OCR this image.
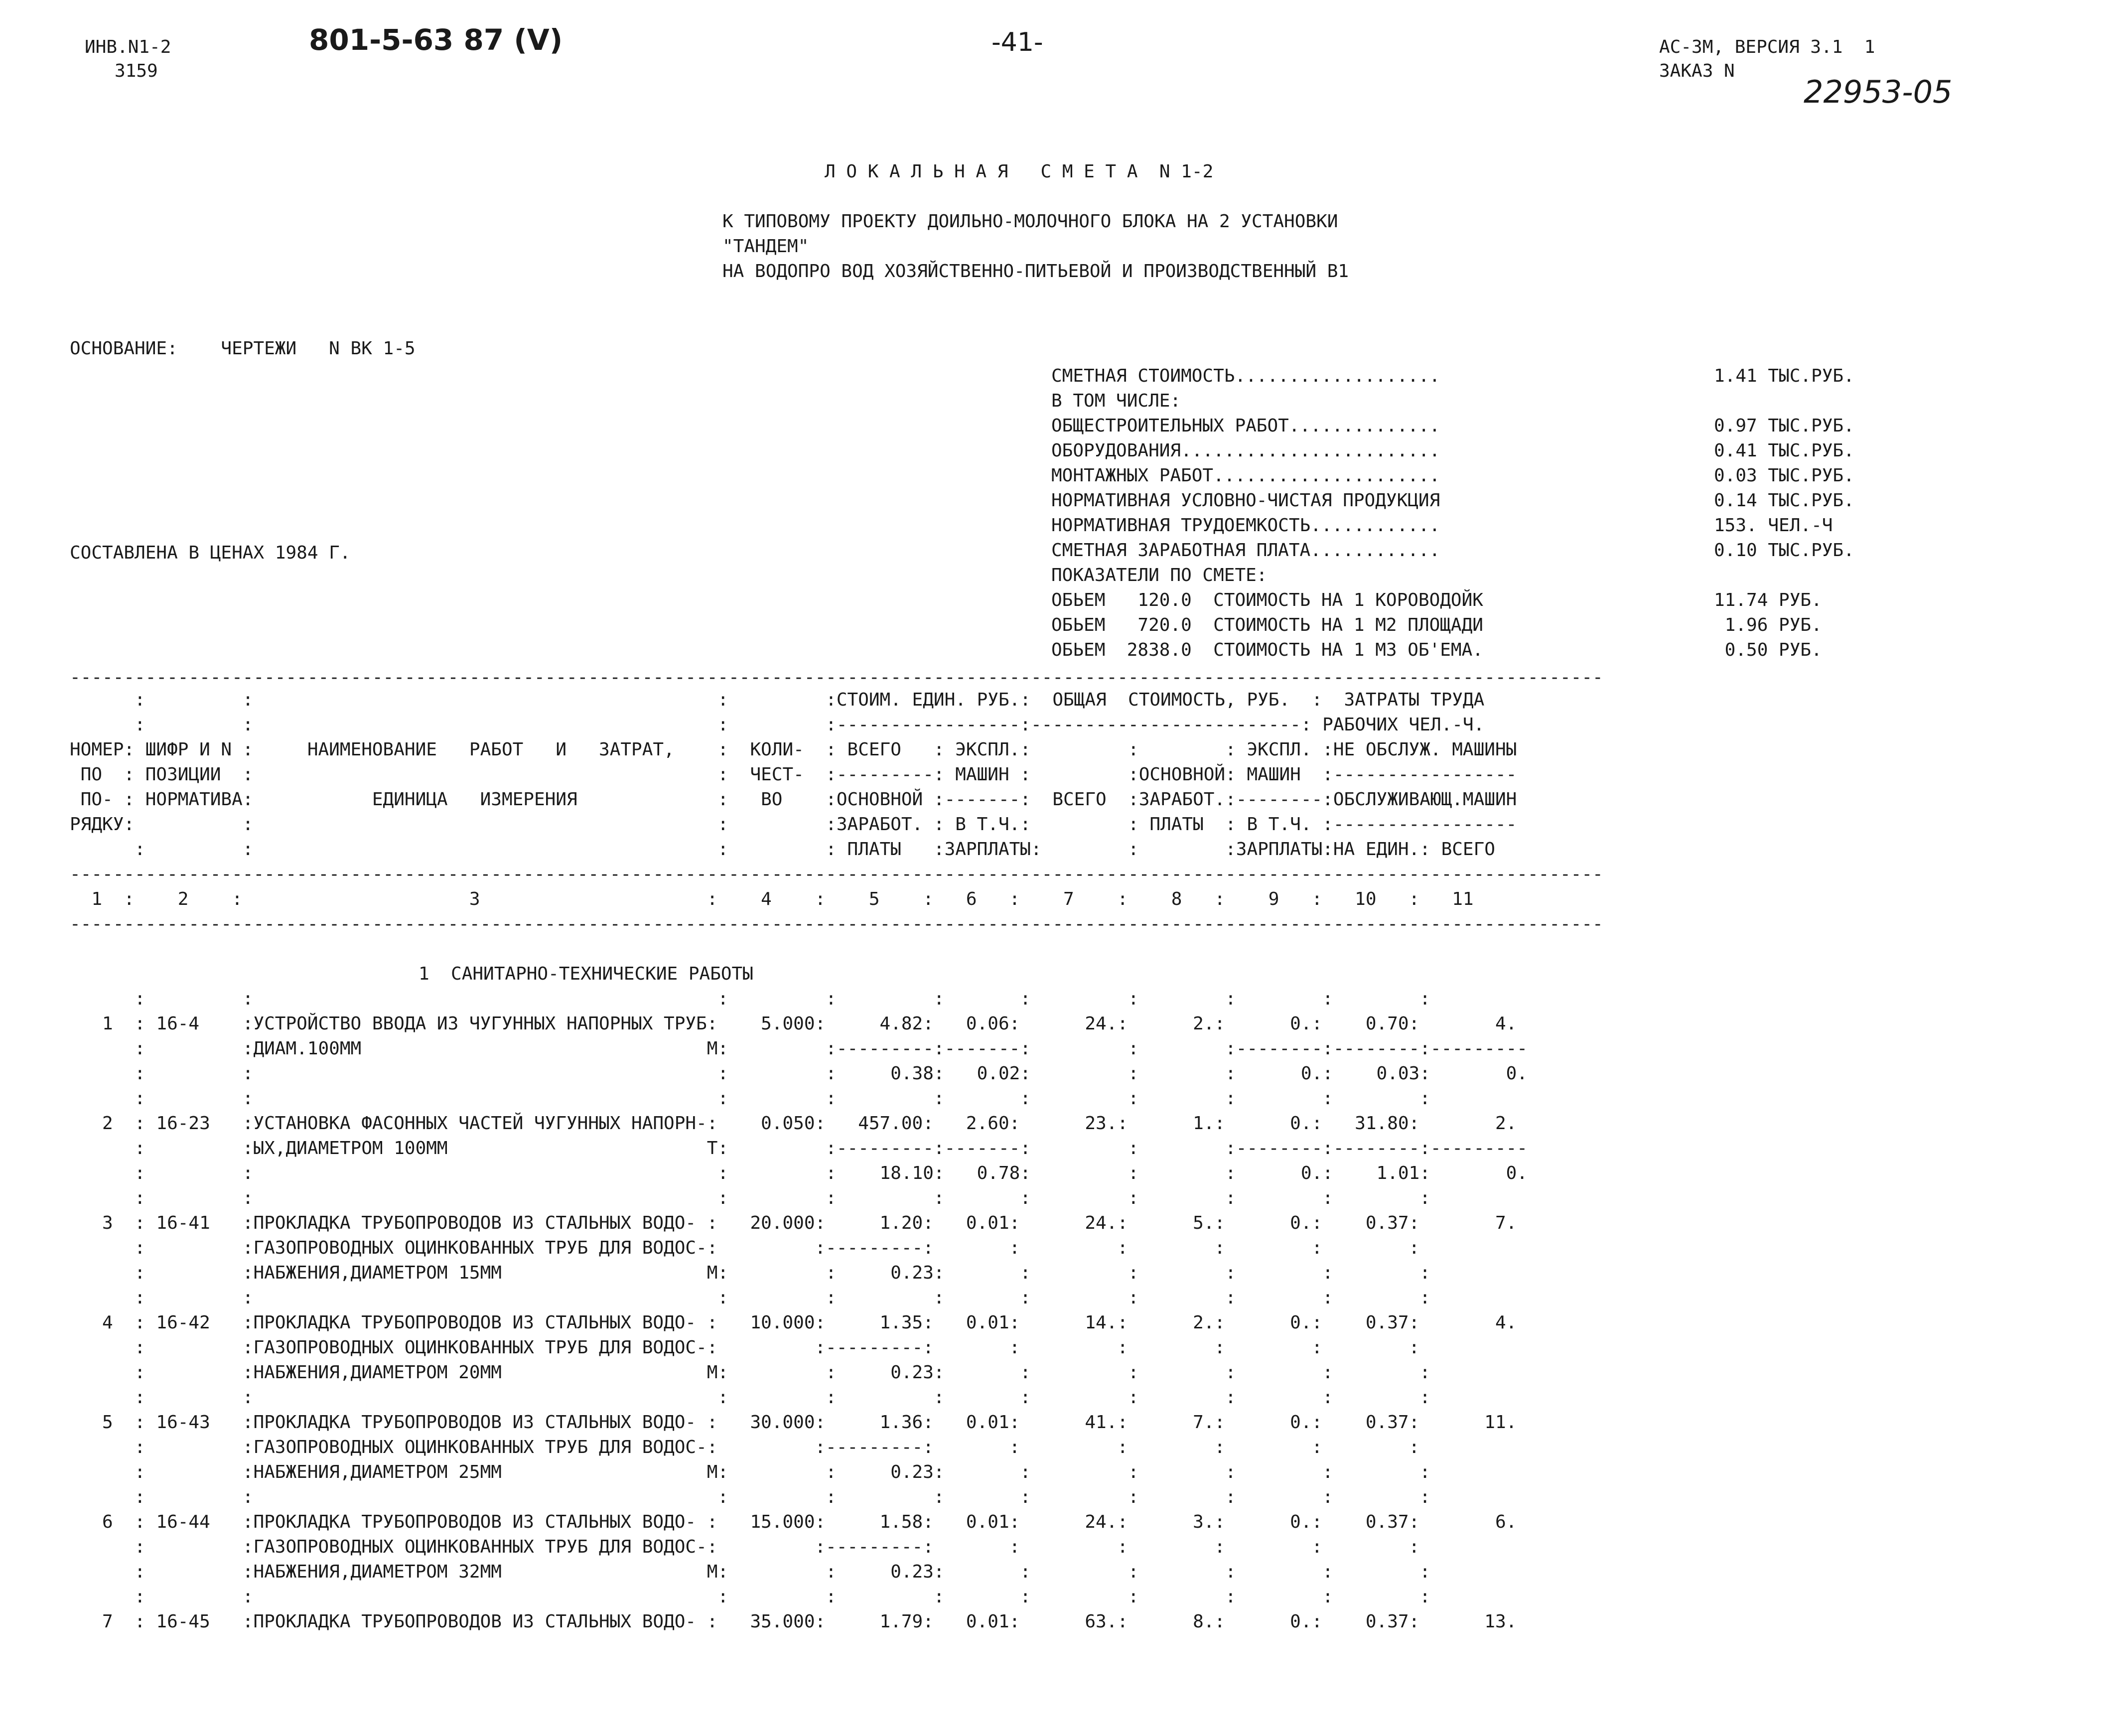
ИНВ.N1-2
3159
801-5-63 87 (V)	-41-	АС-3М, ВЕРСИЯ 3.1  1
ЗАКАЗ N
22953-05
Л О К А Л Ь Н А Я   С М Е Т А  N 1-2
К ТИПОВОМУ ПРОЕКТУ ДОИЛЬНО-МОЛОЧНОГО БЛОКА НА 2 УСТАНОВКИ
"ТАНДЕМ"
НА ВОДОПРО ВОД ХОЗЯЙСТВЕННО-ПИТЬЕВОЙ И ПРОИЗВОДСТВЕННЫЙ В1
ОСНОВАНИЕ:    ЧЕРТЕЖИ   N ВК 1-5
СОСТАВЛЕНА В ЦЕНАХ 1984 Г.
СМЕТНАЯ СТОИМОСТЬ...................	1.41 ТЫС.РУБ.
В ТОМ ЧИСЛЕ:
ОБЩЕСТРОИТЕЛЬНЫХ РАБОТ..............	0.97 ТЫС.РУБ.
ОБОРУДОВАНИЯ........................	0.41 ТЫС.РУБ.
МОНТАЖНЫХ РАБОТ.....................	0.03 ТЫС.РУБ.
НОРМАТИВНАЯ УСЛОВНО-ЧИСТАЯ ПРОДУКЦИЯ	0.14 ТЫС.РУБ.
НОРМАТИВНАЯ ТРУДОЕМКОСТЬ............	153. ЧЕЛ.-Ч
СМЕТНАЯ ЗАРАБОТНАЯ ПЛАТА............	0.10 ТЫС.РУБ.
ПОКАЗАТЕЛИ ПО СМЕТЕ:
ОБЬЕМ   120.0  СТОИМОСТЬ НА 1 КОРОВОДОЙК	11.74 РУБ.
ОБЬЕМ   720.0  СТОИМОСТЬ НА 1 М2 ПЛОЩАДИ	1.96 РУБ.
ОБЬЕМ  2838.0  СТОИМОСТЬ НА 1 М3 ОБ'ЕМА.	0.50 РУБ.
----------------------------------------------------------------------------------------------------------------------------------------------
:         :                                           :         :СТОИМ. ЕДИН. РУБ.:  ОБЩАЯ  СТОИМОСТЬ, РУБ.  :  ЗАТРАТЫ ТРУДА
:         :                                           :         :-----------------:-------------------------: РАБОЧИХ ЧЕЛ.-Ч.
НОМЕР: ШИФР И N :     НАИМЕНОВАНИЕ   РАБОТ   И   ЗАТРАТ,    :  КОЛИ-  : ВСЕГО   : ЭКСПЛ.:         :        : ЭКСПЛ. :НЕ ОБСЛУЖ. МАШИНЫ
ПО  : ПОЗИЦИИ  :                                           :  ЧЕСТ-  :---------: МАШИН :         :ОСНОВНОЙ: МАШИН  :-----------------
ПО- : НОРМАТИВА:           ЕДИНИЦА   ИЗМЕРЕНИЯ             :   ВО    :ОСНОВНОЙ :-------:  ВСЕГО  :ЗАРАБОТ.:--------:ОБСЛУЖИВАЮЩ.МАШИН
РЯДКУ:          :                                           :         :ЗАРАБОТ. : В Т.Ч.:         : ПЛАТЫ  : В Т.Ч. :-----------------
:         :                                           :         : ПЛАТЫ   :ЗАРПЛАТЫ:        :        :ЗАРПЛАТЫ:НА ЕДИН.: ВСЕГО
----------------------------------------------------------------------------------------------------------------------------------------------
1  :    2    :                     3                     :    4    :    5    :   6   :    7    :    8   :    9   :   10   :   11
----------------------------------------------------------------------------------------------------------------------------------------------
1  САНИТАРНО-ТЕХНИЧЕСКИЕ РАБОТЫ
:         :                                           :         :         :       :         :        :        :        :
1  : 16-4    :УСТРОЙСТВО ВВОДА ИЗ ЧУГУННЫХ НАПОРНЫХ ТРУБ:    5.000:     4.82:   0.06:      24.:      2.:      0.:    0.70:       4.
:         :ДИАМ.100ММ                                М:         :---------:-------:         :        :--------:--------:---------
:         :                                           :         :     0.38:   0.02:         :        :      0.:    0.03:       0.
:         :                                           :         :         :       :         :        :        :        :
2  : 16-23   :УСТАНОВКА ФАСОННЫХ ЧАСТЕЙ ЧУГУННЫХ НАПОРН-:    0.050:   457.00:   2.60:      23.:      1.:      0.:   31.80:       2.
:         :ЫХ,ДИАМЕТРОМ 100ММ                        Т:         :---------:-------:         :        :--------:--------:---------
:         :                                           :         :    18.10:   0.78:         :        :      0.:    1.01:       0.
:         :                                           :         :         :       :         :        :        :        :
3  : 16-41   :ПРОКЛАДКА ТРУБОПРОВОДОВ ИЗ СТАЛЬНЫХ ВОДО- :   20.000:     1.20:   0.01:      24.:      5.:      0.:    0.37:       7.
:         :ГАЗОПРОВОДНЫХ ОЦИНКОВАННЫХ ТРУБ ДЛЯ ВОДОС-:         :---------:       :         :        :        :        :
:         :НАБЖЕНИЯ,ДИАМЕТРОМ 15ММ                   М:         :     0.23:       :         :        :        :        :
:         :                                           :         :         :       :         :        :        :        :
4  : 16-42   :ПРОКЛАДКА ТРУБОПРОВОДОВ ИЗ СТАЛЬНЫХ ВОДО- :   10.000:     1.35:   0.01:      14.:      2.:      0.:    0.37:       4.
:         :ГАЗОПРОВОДНЫХ ОЦИНКОВАННЫХ ТРУБ ДЛЯ ВОДОС-:         :---------:       :         :        :        :        :
:         :НАБЖЕНИЯ,ДИАМЕТРОМ 20ММ                   М:         :     0.23:       :         :        :        :        :
:         :                                           :         :         :       :         :        :        :        :
5  : 16-43   :ПРОКЛАДКА ТРУБОПРОВОДОВ ИЗ СТАЛЬНЫХ ВОДО- :   30.000:     1.36:   0.01:      41.:      7.:      0.:    0.37:      11.
:         :ГАЗОПРОВОДНЫХ ОЦИНКОВАННЫХ ТРУБ ДЛЯ ВОДОС-:         :---------:       :         :        :        :        :
:         :НАБЖЕНИЯ,ДИАМЕТРОМ 25ММ                   М:         :     0.23:       :         :        :        :        :
:         :                                           :         :         :       :         :        :        :        :
6  : 16-44   :ПРОКЛАДКА ТРУБОПРОВОДОВ ИЗ СТАЛЬНЫХ ВОДО- :   15.000:     1.58:   0.01:      24.:      3.:      0.:    0.37:       6.
:         :ГАЗОПРОВОДНЫХ ОЦИНКОВАННЫХ ТРУБ ДЛЯ ВОДОС-:         :---------:       :         :        :        :        :
:         :НАБЖЕНИЯ,ДИАМЕТРОМ 32ММ                   М:         :     0.23:       :         :        :        :        :
:         :                                           :         :         :       :         :        :        :        :
7  : 16-45   :ПРОКЛАДКА ТРУБОПРОВОДОВ ИЗ СТАЛЬНЫХ ВОДО- :   35.000:     1.79:   0.01:      63.:      8.:      0.:    0.37:      13.
